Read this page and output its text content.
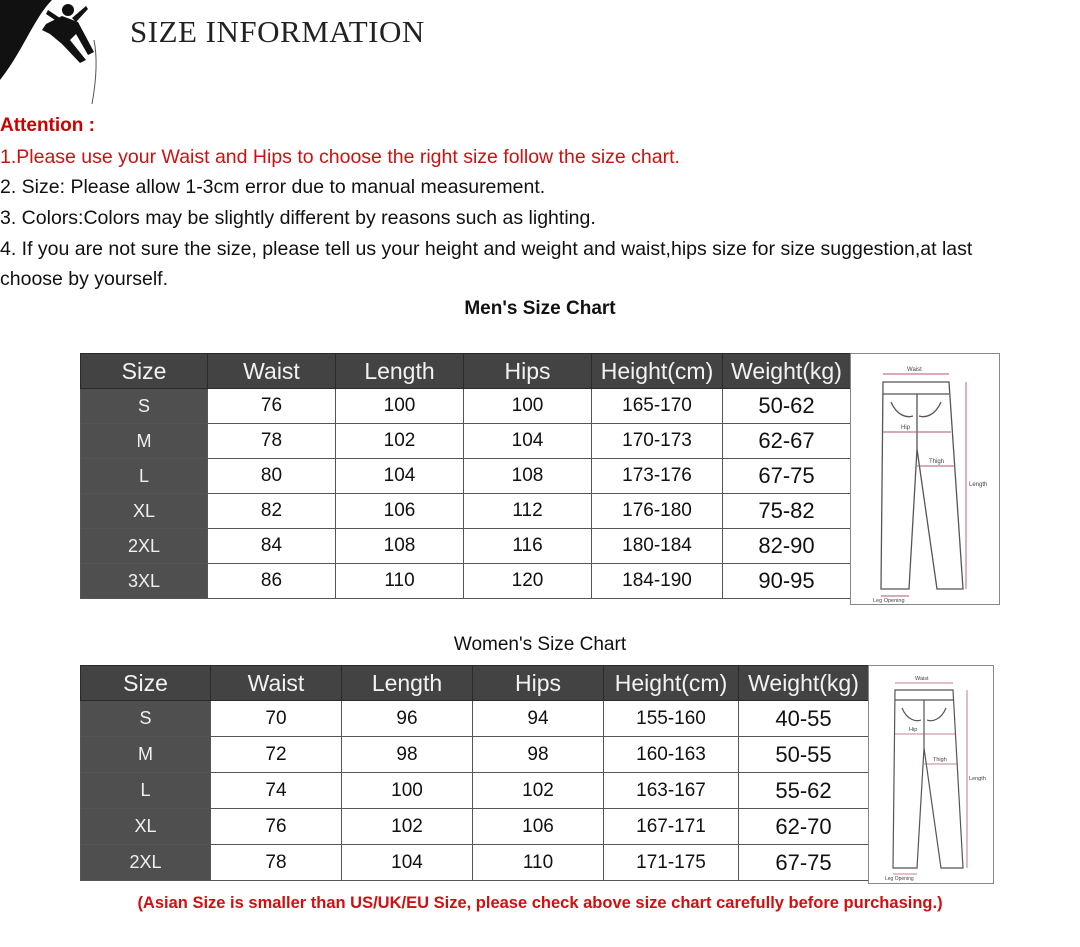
SIZE INFORMATION
Attention :
1.Please use your Waist and Hips to choose the right size follow the size chart.
2. Size: Please allow 1-3cm error due to manual measurement.
3. Colors:Colors may be slightly different by reasons such as lighting.
4. If you are not sure the size, please tell us your height and weight and waist,hips size for size suggestion,at last
choose by yourself.
Men's Size Chart
Size	Waist	Length	Hips	Height(cm)	Weight(kg)
S	76	100	100	165-170	50-62
M	78	102	104	170-173	62-67
L	80	104	108	173-176	67-75
XL	82	106	112	176-180	75-82
2XL	84	108	116	180-184	82-90
3XL	86	110	120	184-190	90-95
Waist
Hip
Thigh
Length
Leg Opening
Women's Size Chart
Size	Waist	Length	Hips	Height(cm)	Weight(kg)
S	70	96	94	155-160	40-55
M	72	98	98	160-163	50-55
L	74	100	102	163-167	55-62
XL	76	102	106	167-171	62-70
2XL	78	104	110	171-175	67-75
Waist
Hip
Thigh
Length
Leg Opening
(Asian Size is smaller than US/UK/EU Size, please check above size chart carefully before purchasing.)
